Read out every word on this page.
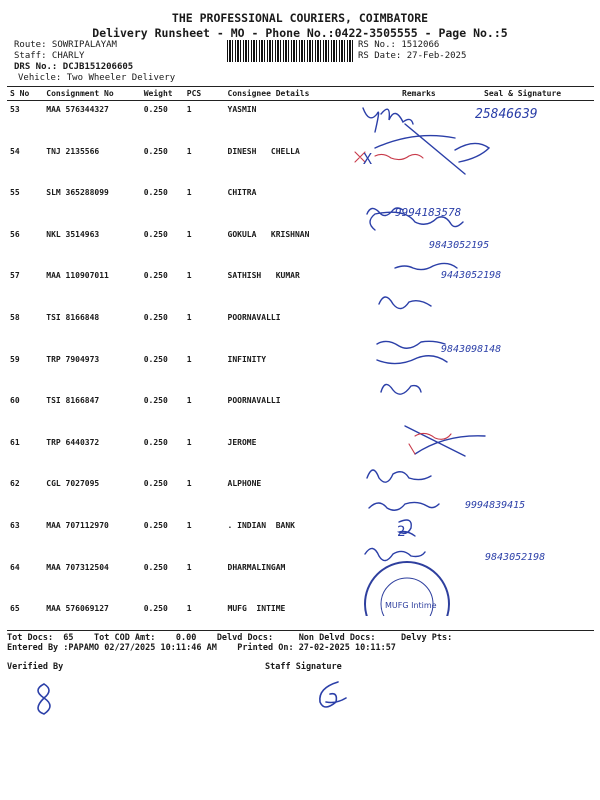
THE PROFESSIONAL COURIERS, COIMBATORE
Delivery Runsheet - MO - Phone No.:0422-3505555 - Page No.:5
Route: SOWRIPALAYAM
Staff: CHARLY
DRS No.: DCJB151206605
Vehicle: Two Wheeler Delivery
RS No.: 1512066
RS Date: 27-Feb-2025
S No	Consignment No	Weight	PCS	Consignee Details	Remarks	Seal & Signature
53	MAA 576344327	0.250	1	YASMIN		
54	TNJ 2135566	0.250	1	DINESH   CHELLA		
55	SLM 365288099	0.250	1	CHITRA		
56	NKL 3514963	0.250	1	GOKULA   KRISHNAN		
57	MAA 110907011	0.250	1	SATHISH   KUMAR		
58	TSI 8166848	0.250	1	POORNAVALLI		
59	TRP 7904973	0.250	1	INFINITY		
60	TSI 8166847	0.250	1	POORNAVALLI		
61	TRP 6440372	0.250	1	JEROME		
62	CGL 7027095	0.250	1	ALPHONE		
63	MAA 707112970	0.250	1	. INDIAN  BANK		
64	MAA 707312504	0.250	1	DHARMALINGAM		
65	MAA 576069127	0.250	1	MUFG  INTIME		
25846639
X
9994183578
9843052195
9443052198
9843098148
9994839415
9843052198
2
MUFG Intime
Tot Docs:  65    Tot COD Amt:    0.00    Delvd Docs:     Non Delvd Docs:     Delvy Pts:
Entered By :PAPAMO 02/27/2025 10:11:46 AM    Printed On: 27-02-2025 10:11:57
Verified By	Staff Signature
